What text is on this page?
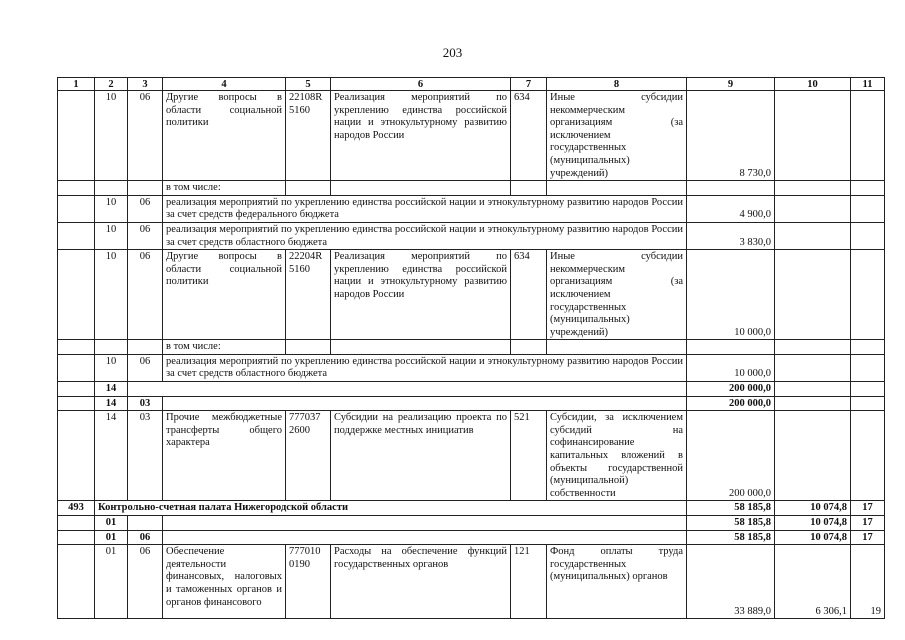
203
1	2	3	4	5	6	7	8	9	10	11
	10	06	Другие вопросы в области социальной политики	22108R 5160	Реализация мероприятий по укреплению единства российской нации и этнокультурному развитию народов России	634	Иные субсидии некоммерческим организациям (за исключением государственных (муниципальных) учреждений)	8 730,0		
			в том числе:							
	10	06	реализация мероприятий по укреплению единства российской нации и этнокультурному развитию народов России за счет средств федерального бюджета					4 900,0		
	10	06	реализация мероприятий по укреплению единства российской нации и этнокультурному развитию народов России за счет средств областного бюджета					3 830,0		
	10	06	Другие вопросы в области социальной политики	22204R 5160	Реализация мероприятий по укреплению единства российской нации и этнокультурному развитию народов России	634	Иные субсидии некоммерческим организациям (за исключением государственных (муниципальных) учреждений)	10 000,0		
			в том числе:							
	10	06	реализация мероприятий по укреплению единства российской нации и этнокультурному развитию народов России за счет средств областного бюджета					10 000,0		
	14							200 000,0		
	14	03						200 000,0		
	14	03	Прочие межбюджетные трансферты общего характера	777037 2600	Субсидии на реализацию проекта по поддержке местных инициатив	521	Субсидии, за исключением субсидий на софинансирование капитальных вложений в объекты государственной (муниципальной) собственности	200 000,0		
493	Контрольно-счетная палата Нижегородской области							58 185,8	10 074,8	17
	01							58 185,8	10 074,8	17
	01	06						58 185,8	10 074,8	17
	01	06	Обеспечение деятельности финансовых, налоговых и таможенных органов и органов финансового	777010 0190	Расходы на обеспечение функций государственных органов	121	Фонд оплаты труда государственных (муниципальных) органов	33 889,0	6 306,1	19
